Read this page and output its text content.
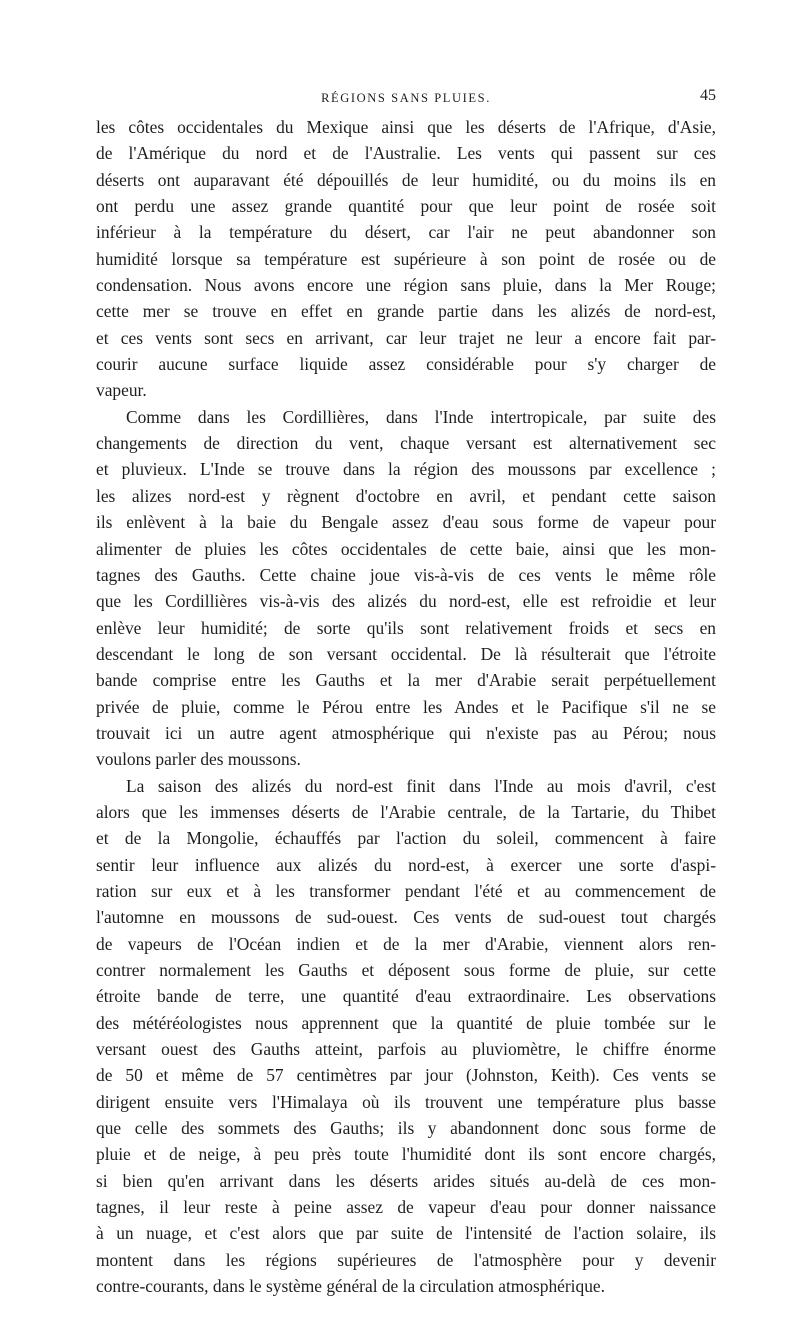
RÉGIONS SANS PLUIES.	45
les côtes occidentales du Mexique ainsi que les déserts de l'Afrique, d'Asie,
de l'Amérique du nord et de l'Australie. Les vents qui passent sur ces
déserts ont auparavant été dépouillés de leur humidité, ou du moins ils en
ont perdu une assez grande quantité pour que leur point de rosée soit
inférieur à la température du désert, car l'air ne peut abandonner son
humidité lorsque sa température est supérieure à son point de rosée ou de
condensation. Nous avons encore une région sans pluie, dans la Mer Rouge;
cette mer se trouve en effet en grande partie dans les alizés de nord-est,
et ces vents sont secs en arrivant, car leur trajet ne leur a encore fait par-
courir aucune surface liquide assez considérable pour s'y charger de
vapeur.
Comme dans les Cordillières, dans l'Inde intertropicale, par suite des
changements de direction du vent, chaque versant est alternativement sec
et pluvieux. L'Inde se trouve dans la région des moussons par excellence ;
les alizes nord-est y règnent d'octobre en avril, et pendant cette saison
ils enlèvent à la baie du Bengale assez d'eau sous forme de vapeur pour
alimenter de pluies les côtes occidentales de cette baie, ainsi que les mon-
tagnes des Gauths. Cette chaine joue vis-à-vis de ces vents le même rôle
que les Cordillières vis-à-vis des alizés du nord-est, elle est refroidie et leur
enlève leur humidité; de sorte qu'ils sont relativement froids et secs en
descendant le long de son versant occidental. De là résulterait que l'étroite
bande comprise entre les Gauths et la mer d'Arabie serait perpétuellement
privée de pluie, comme le Pérou entre les Andes et le Pacifique s'il ne se
trouvait ici un autre agent atmosphérique qui n'existe pas au Pérou; nous
voulons parler des moussons.
La saison des alizés du nord-est finit dans l'Inde au mois d'avril, c'est
alors que les immenses déserts de l'Arabie centrale, de la Tartarie, du Thibet
et de la Mongolie, échauffés par l'action du soleil, commencent à faire
sentir leur influence aux alizés du nord-est, à exercer une sorte d'aspi-
ration sur eux et à les transformer pendant l'été et au commencement de
l'automne en moussons de sud-ouest. Ces vents de sud-ouest tout chargés
de vapeurs de l'Océan indien et de la mer d'Arabie, viennent alors ren-
contrer normalement les Gauths et déposent sous forme de pluie, sur cette
étroite bande de terre, une quantité d'eau extraordinaire. Les observations
des météréologistes nous apprennent que la quantité de pluie tombée sur le
versant ouest des Gauths atteint, parfois au pluviomètre, le chiffre énorme
de 50 et même de 57 centimètres par jour (Johnston, Keith). Ces vents se
dirigent ensuite vers l'Himalaya où ils trouvent une température plus basse
que celle des sommets des Gauths; ils y abandonnent donc sous forme de
pluie et de neige, à peu près toute l'humidité dont ils sont encore chargés,
si bien qu'en arrivant dans les déserts arides situés au-delà de ces mon-
tagnes, il leur reste à peine assez de vapeur d'eau pour donner naissance
à un nuage, et c'est alors que par suite de l'intensité de l'action solaire, ils
montent dans les régions supérieures de l'atmosphère pour y devenir
contre-courants, dans le système général de la circulation atmosphérique.
